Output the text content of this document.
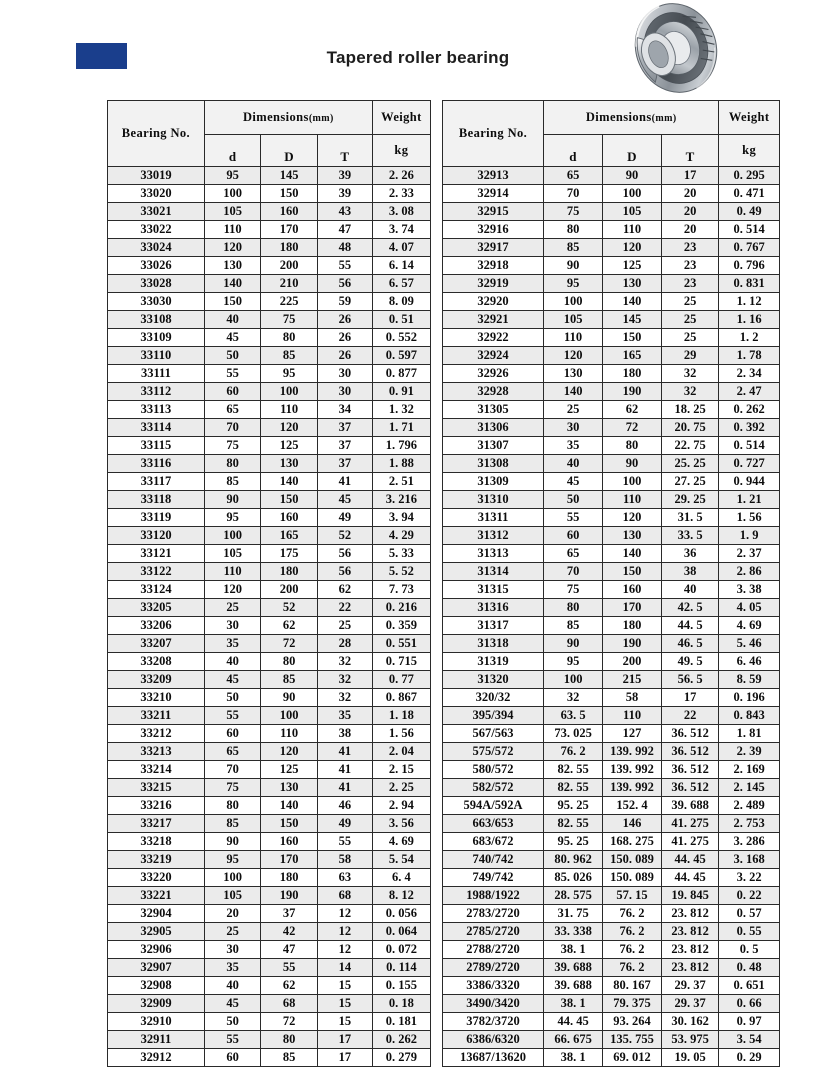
Tapered roller bearing
Bearing No.	Dimensions(mm)			Weight

	d	D	T	kg
33019	95	145	39	2. 26
33020	100	150	39	2. 33
33021	105	160	43	3. 08
33022	110	170	47	3. 74
33024	120	180	48	4. 07
33026	130	200	55	6. 14
33028	140	210	56	6. 57
33030	150	225	59	8. 09
33108	40	75	26	0. 51
33109	45	80	26	0. 552
33110	50	85	26	0. 597
33111	55	95	30	0. 877
33112	60	100	30	0. 91
33113	65	110	34	1. 32
33114	70	120	37	1. 71
33115	75	125	37	1. 796
33116	80	130	37	1. 88
33117	85	140	41	2. 51
33118	90	150	45	3. 216
33119	95	160	49	3. 94
33120	100	165	52	4. 29
33121	105	175	56	5. 33
33122	110	180	56	5. 52
33124	120	200	62	7. 73
33205	25	52	22	0. 216
33206	30	62	25	0. 359
33207	35	72	28	0. 551
33208	40	80	32	0. 715
33209	45	85	32	0. 77
33210	50	90	32	0. 867
33211	55	100	35	1. 18
33212	60	110	38	1. 56
33213	65	120	41	2. 04
33214	70	125	41	2. 15
33215	75	130	41	2. 25
33216	80	140	46	2. 94
33217	85	150	49	3. 56
33218	90	160	55	4. 69
33219	95	170	58	5. 54
33220	100	180	63	6. 4
33221	105	190	68	8. 12
32904	20	37	12	0. 056
32905	25	42	12	0. 064
32906	30	47	12	0. 072
32907	35	55	14	0. 114
32908	40	62	15	0. 155
32909	45	68	15	0. 18
32910	50	72	15	0. 181
32911	55	80	17	0. 262
32912	60	85	17	0. 279
Bearing No.	Dimensions(mm)			Weight

	d	D	T	kg
32913	65	90	17	0. 295
32914	70	100	20	0. 471
32915	75	105	20	0. 49
32916	80	110	20	0. 514
32917	85	120	23	0. 767
32918	90	125	23	0. 796
32919	95	130	23	0. 831
32920	100	140	25	1. 12
32921	105	145	25	1. 16
32922	110	150	25	1. 2
32924	120	165	29	1. 78
32926	130	180	32	2. 34
32928	140	190	32	2. 47
31305	25	62	18. 25	0. 262
31306	30	72	20. 75	0. 392
31307	35	80	22. 75	0. 514
31308	40	90	25. 25	0. 727
31309	45	100	27. 25	0. 944
31310	50	110	29. 25	1. 21
31311	55	120	31. 5	1. 56
31312	60	130	33. 5	1. 9
31313	65	140	36	2. 37
31314	70	150	38	2. 86
31315	75	160	40	3. 38
31316	80	170	42. 5	4. 05
31317	85	180	44. 5	4. 69
31318	90	190	46. 5	5. 46
31319	95	200	49. 5	6. 46
31320	100	215	56. 5	8. 59
320/32	32	58	17	0. 196
395/394	63. 5	110	22	0. 843
567/563	73. 025	127	36. 512	1. 81
575/572	76. 2	139. 992	36. 512	2. 39
580/572	82. 55	139. 992	36. 512	2. 169
582/572	82. 55	139. 992	36. 512	2. 145
594A/592A	95. 25	152. 4	39. 688	2. 489
663/653	82. 55	146	41. 275	2. 753
683/672	95. 25	168. 275	41. 275	3. 286
740/742	80. 962	150. 089	44. 45	3. 168
749/742	85. 026	150. 089	44. 45	3. 22
1988/1922	28. 575	57. 15	19. 845	0. 22
2783/2720	31. 75	76. 2	23. 812	0. 57
2785/2720	33. 338	76. 2	23. 812	0. 55
2788/2720	38. 1	76. 2	23. 812	0. 5
2789/2720	39. 688	76. 2	23. 812	0. 48
3386/3320	39. 688	80. 167	29. 37	0. 651
3490/3420	38. 1	79. 375	29. 37	0. 66
3782/3720	44. 45	93. 264	30. 162	0. 97
6386/6320	66. 675	135. 755	53. 975	3. 54
13687/13620	38. 1	69. 012	19. 05	0. 29
